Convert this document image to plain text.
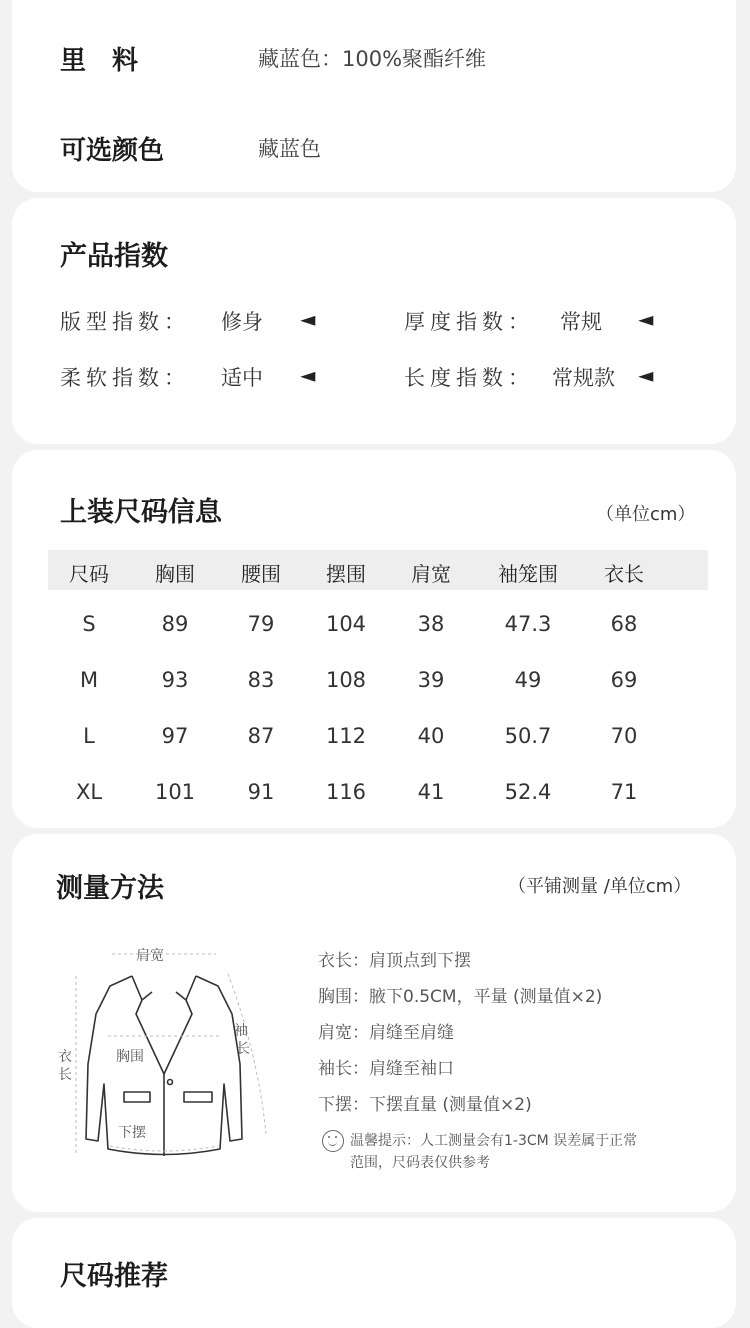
里　料	藏蓝色：100%聚酯纤维
可选颜色	藏蓝色
产品指数
版型指数： 修身 ◄	厚度指数： 常规 ◄
柔软指数： 适中 ◄	长度指数： 常规款 ◄
上装尺码信息	（单位cm）
尺码 胸围 腰围 摆围 肩宽 袖笼围 衣长
S	89	79 104 38	47.3	68
M	93	83 108 39	49	69
L	97	87 112 40	50.7	70
XL	101	91 116 41	52.4	71
测量方法	（平铺测量 /单位cm）
肩宽
胸围
下摆
衣
长
袖
长
衣长：肩顶点到下摆
胸围：腋下0.5CM，平量 (测量值×2)
肩宽：肩缝至肩缝
袖长：肩缝至袖口
下摆：下摆直量 (测量值×2)
温馨提示：人工测量会有1-3CM 误差属于正常
范围，尺码表仅供参考
尺码推荐
